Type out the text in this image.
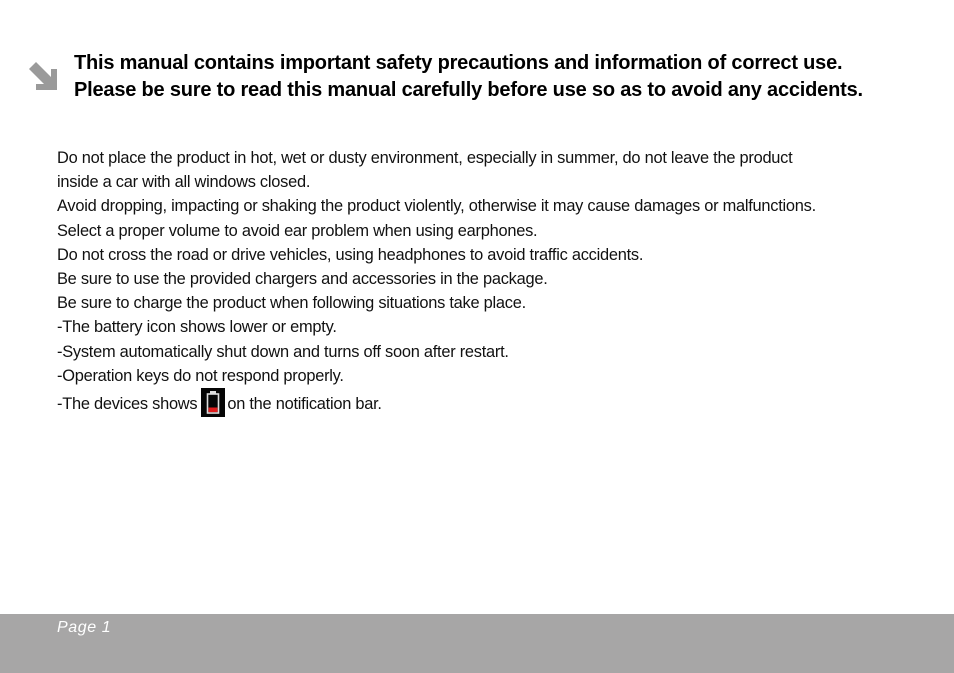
This manual contains important safety precautions and information of correct use.
Please be sure to read this manual carefully before use so as to avoid any accidents.

Do not place the product in hot, wet or dusty environment, especially in summer, do not leave the product

inside a car with all windows closed.

Avoid dropping, impacting or shaking the product violently, otherwise it may cause damages or malfunctions.

Select a proper volume to avoid ear problem when using earphones.

Do not cross the road or drive vehicles, using headphones to avoid traffic accidents.

Be sure to use the provided chargers and accessories in the package.

Be sure to charge the product when following situations take place.

-The battery icon shows lower or empty.

-System automatically shut down and turns off soon after restart.

-Operation keys do not respond properly.

-The devices shows on the notification bar.

Page 1
